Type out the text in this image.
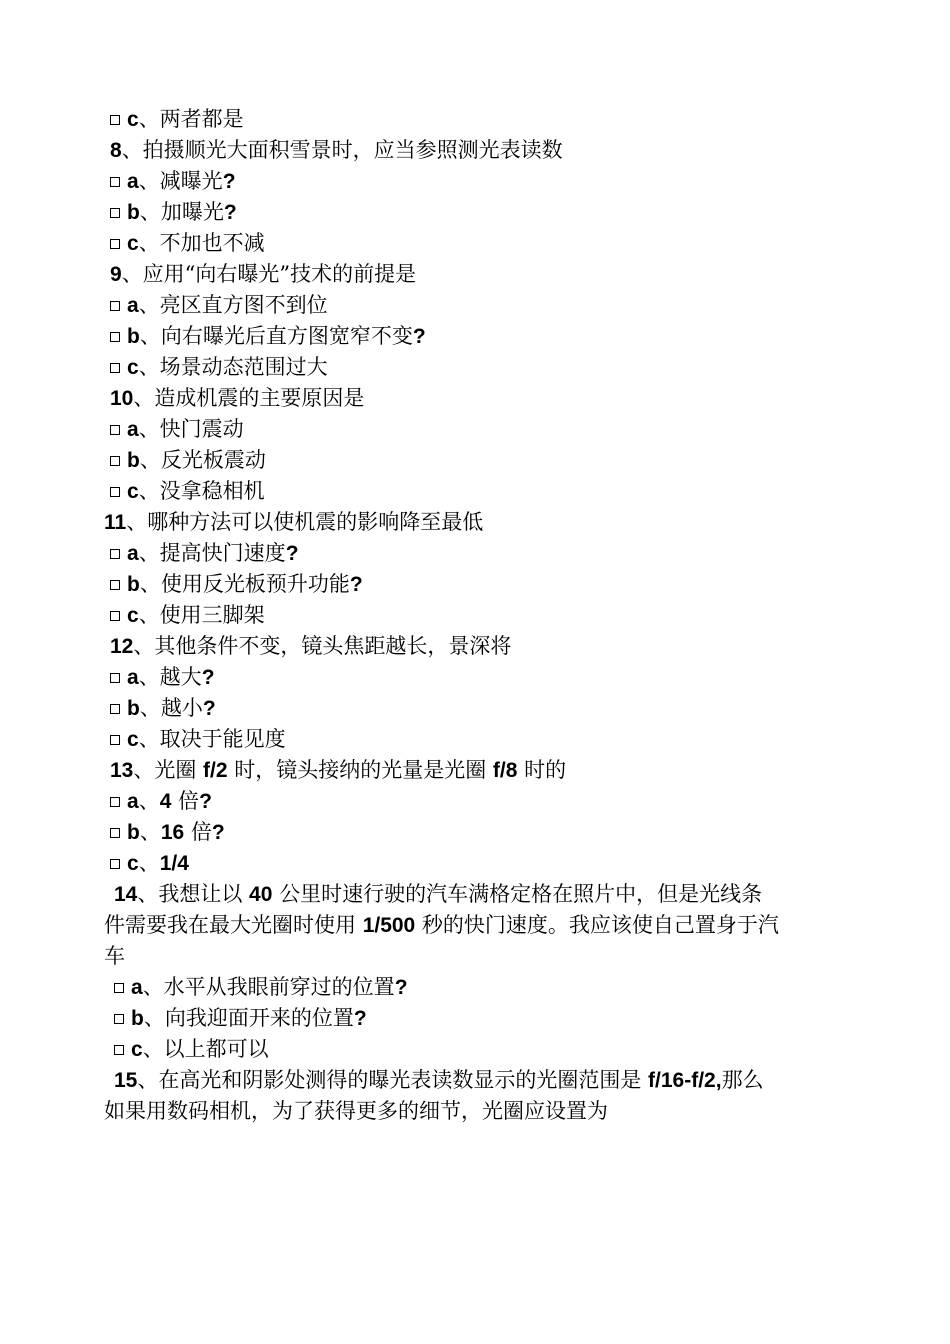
c、两者都是
8、拍摄顺光大面积雪景时，应当参照测光表读数
a、减曝光?
b、加曝光?
c、不加也不减
9、应用“向右曝光”技术的前提是
a、亮区直方图不到位
b、向右曝光后直方图宽窄不变?
c、场景动态范围过大
10、造成机震的主要原因是
a、快门震动
b、反光板震动
c、没拿稳相机
11、哪种方法可以使机震的影响降至最低
a、提高快门速度?
b、使用反光板预升功能?
c、使用三脚架
12、其他条件不变，镜头焦距越长，景深将
a、越大?
b、越小?
c、取决于能见度
13、光圈 f/2 时，镜头接纳的光量是光圈 f/8 时的
a、4 倍?
b、16 倍?
c、1/4
14、我想让以 40 公里时速行驶的汽车满格定格在照片中，但是光线条
件需要我在最大光圈时使用 1/500 秒的快门速度。我应该使自己置身于汽
车
a、水平从我眼前穿过的位置?
b、向我迎面开来的位置?
c、以上都可以
15、在高光和阴影处测得的曝光表读数显示的光圈范围是 f/16-f/2,那么
如果用数码相机，为了获得更多的细节，光圈应设置为
